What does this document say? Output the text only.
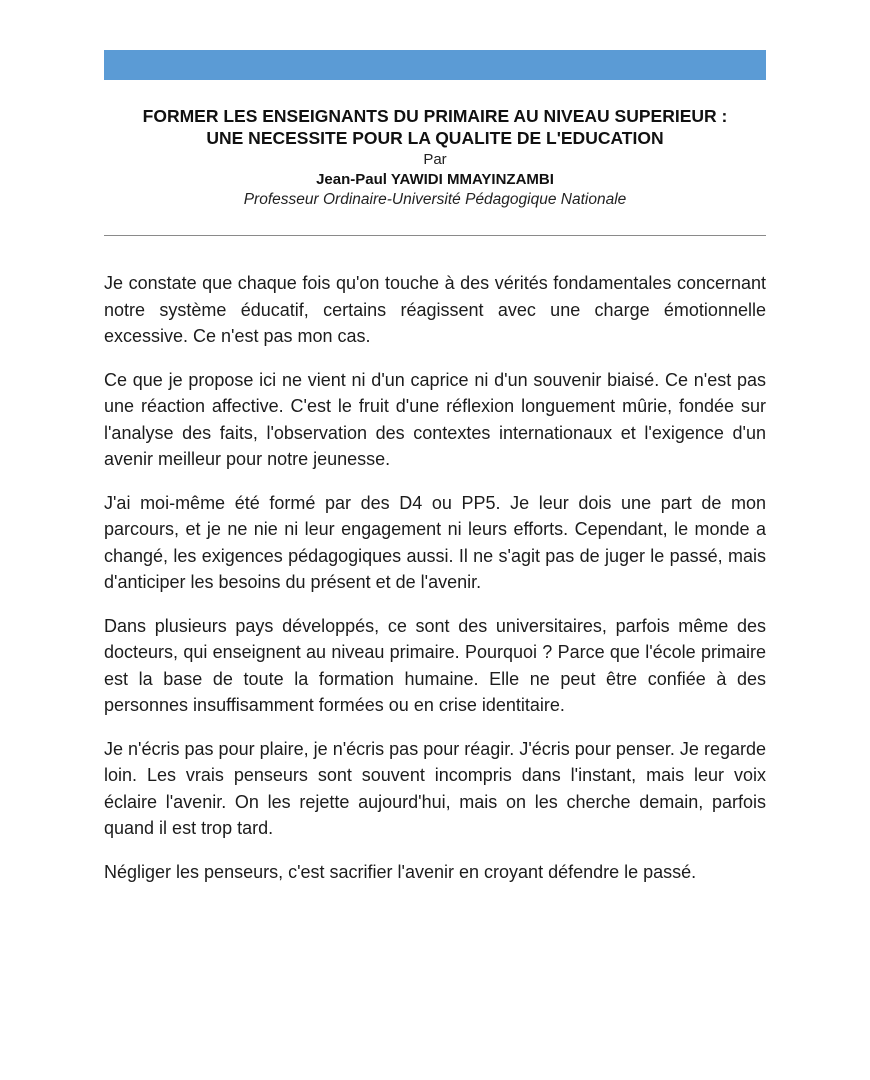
FORMER LES ENSEIGNANTS DU PRIMAIRE AU NIVEAU SUPERIEUR : UNE NECESSITE POUR LA QUALITE DE L'EDUCATION
Par
Jean-Paul YAWIDI MMAYINZAMBI
Professeur Ordinaire-Université Pédagogique Nationale

Je constate que chaque fois qu'on touche à des vérités fondamentales concernant notre système éducatif, certains réagissent avec une charge émotionnelle excessive. Ce n'est pas mon cas.

Ce que je propose ici ne vient ni d'un caprice ni d'un souvenir biaisé. Ce n'est pas une réaction affective. C'est le fruit d'une réflexion longuement mûrie, fondée sur l'analyse des faits, l'observation des contextes internationaux et l'exigence d'un avenir meilleur pour notre jeunesse.

J'ai moi-même été formé par des D4 ou PP5. Je leur dois une part de mon parcours, et je ne nie ni leur engagement ni leurs efforts. Cependant, le monde a changé, les exigences pédagogiques aussi. Il ne s'agit pas de juger le passé, mais d'anticiper les besoins du présent et de l'avenir.

Dans plusieurs pays développés, ce sont des universitaires, parfois même des docteurs, qui enseignent au niveau primaire. Pourquoi ? Parce que l'école primaire est la base de toute la formation humaine. Elle ne peut être confiée à des personnes insuffisamment formées ou en crise identitaire.

Je n'écris pas pour plaire, je n'écris pas pour réagir. J'écris pour penser. Je regarde loin. Les vrais penseurs sont souvent incompris dans l'instant, mais leur voix éclaire l'avenir. On les rejette aujourd'hui, mais on les cherche demain, parfois quand il est trop tard.

Négliger les penseurs, c'est sacrifier l'avenir en croyant défendre le passé.
